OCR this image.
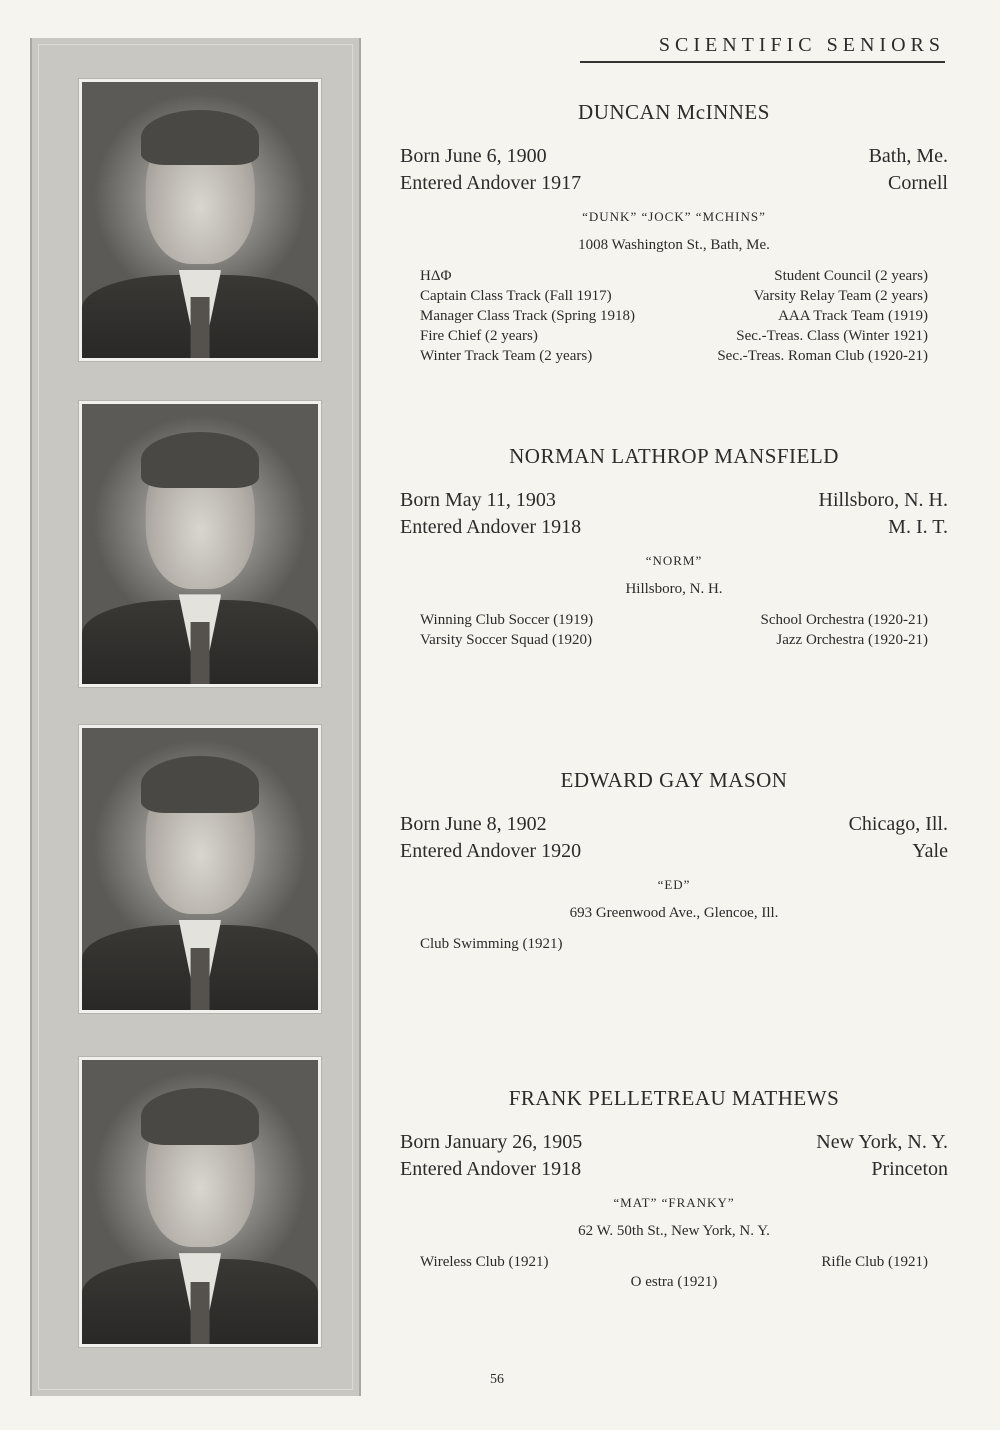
SCIENTIFIC SENIORS
DUNCAN McINNES
Born June 6, 1900	Bath, Me.
Entered Andover 1917	Cornell
“DUNK” “JOCK” “MCHINS”
1008 Washington St., Bath, Me.
HΔΦ	Student Council (2 years)
Captain Class Track (Fall 1917)	Varsity Relay Team (2 years)
Manager Class Track (Spring 1918)	AAA Track Team (1919)
Fire Chief (2 years)	Sec.-Treas. Class (Winter 1921)
Winter Track Team (2 years)	Sec.-Treas. Roman Club (1920-21)
NORMAN LATHROP MANSFIELD
Born May 11, 1903	Hillsboro, N. H.
Entered Andover 1918	M. I. T.
“NORM”
Hillsboro, N. H.
Winning Club Soccer (1919)	School Orchestra (1920-21)
Varsity Soccer Squad (1920)	Jazz Orchestra (1920-21)
EDWARD GAY MASON
Born June 8, 1902	Chicago, Ill.
Entered Andover 1920	Yale
“ED”
693 Greenwood Ave., Glencoe, Ill.
Club Swimming (1921)
FRANK PELLETREAU MATHEWS
Born January 26, 1905	New York, N. Y.
Entered Andover 1918	Princeton
“MAT” “FRANKY”
62 W. 50th St., New York, N. Y.
Wireless Club (1921)	Rifle Club (1921)
O estra (1921)
56
